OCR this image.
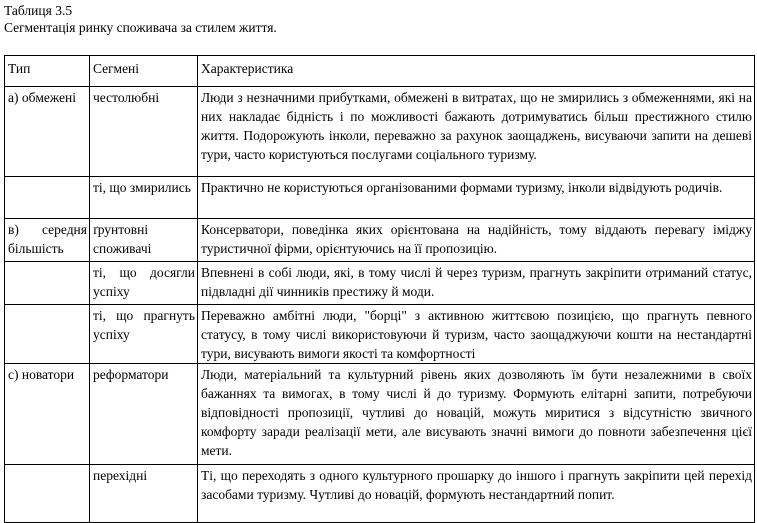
Таблиця 3.5
Сегментація ринку споживача за стилем життя.
Тип	Сегмені	Характеристика
а) обмежені	честолюбні	Люди з незначними прибутками, обмежені в витратах, що не змирились з обмеженнями, які на них накладає бідність і по можливості бажають дотримуватись більш престижного стилю життя. Подорожують інколи, переважно за рахунок заощаджень, висуваючи запити на дешеві тури, часто користуються послугами соціального туризму.
	ті, що змирились	Практично не користуються організованими формами туризму, інколи відвідують родичів.
в) середня більшість	ґрунтовні споживачі	Консерватори, поведінка яких орієнтована на надійність, тому віддають перевагу іміджу туристичної фірми, орієнтуючись на її пропозицію.
	ті, що досягли успіху	Впевнені в собі люди, які, в тому числі й через туризм, прагнуть закріпити отриманий статус, підвладні дії чинників престижу й моди.
	ті, що прагнуть успіху	Переважно амбітні люди, "борці" з активною життєвою позицією, що прагнуть певного статусу, в тому числі використовуючи й туризм, часто заощаджуючи кошти на нестандартні тури, висувають вимоги якості та комфортності
с) новатори	реформатори	Люди, матеріальний та культурний рівень яких дозволяють їм бути незалежними в своїх бажаннях та вимогах, в тому числі й до туризму. Формують елітарні запити, потребуючи відповідності пропозиції, чутливі до новацій, можуть миритися з відсутністю звичного комфорту заради реалізації мети, але висувають значні вимоги до повноти забезпечення цієї мети.
	перехідні	Ті, що переходять з одного культурного прошарку до іншого і прагнуть закріпити цей перехід засобами туризму. Чутливі до новацій, формують нестандартний попит.
